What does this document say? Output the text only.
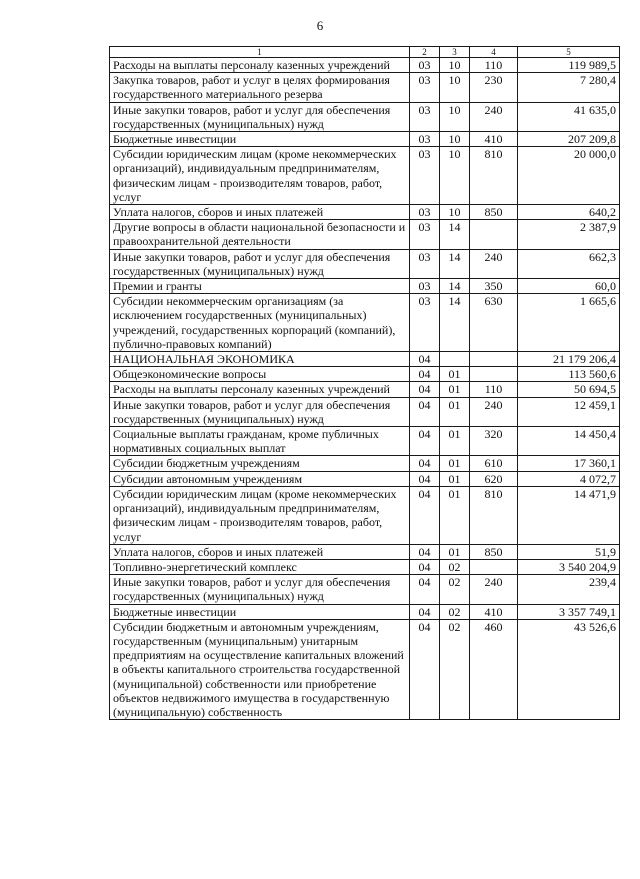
6
1	2	3	4	5
Расходы на выплаты персоналу казенных учреждений	03	10	110	119 989,5
Закупка товаров, работ и услуг в целях формирования государственного материального резерва	03	10	230	7 280,4
Иные закупки товаров, работ и услуг для обеспечения государственных (муниципальных) нужд	03	10	240	41 635,0
Бюджетные инвестиции	03	10	410	207 209,8
Субсидии юридическим лицам (кроме некоммерческих организаций), индивидуальным предпринимателям, физическим лицам - производителям товаров, работ, услуг	03	10	810	20 000,0
Уплата налогов, сборов и иных платежей	03	10	850	640,2
Другие вопросы в области национальной безопасности и правоохранительной деятельности	03	14		2 387,9
Иные закупки товаров, работ и услуг для обеспечения государственных (муниципальных) нужд	03	14	240	662,3
Премии и гранты	03	14	350	60,0
Субсидии некоммерческим организациям (за исключением государственных (муниципальных) учреждений, государственных корпораций (компаний), публично-правовых компаний)	03	14	630	1 665,6
НАЦИОНАЛЬНАЯ ЭКОНОМИКА	04			21 179 206,4
Общеэкономические вопросы	04	01		113 560,6
Расходы на выплаты персоналу казенных учреждений	04	01	110	50 694,5
Иные закупки товаров, работ и услуг для обеспечения государственных (муниципальных) нужд	04	01	240	12 459,1
Социальные выплаты гражданам, кроме публичных нормативных социальных выплат	04	01	320	14 450,4
Субсидии бюджетным учреждениям	04	01	610	17 360,1
Субсидии автономным учреждениям	04	01	620	4 072,7
Субсидии юридическим лицам (кроме некоммерческих организаций), индивидуальным предпринимателям, физическим лицам - производителям товаров, работ, услуг	04	01	810	14 471,9
Уплата налогов, сборов и иных платежей	04	01	850	51,9
Топливно-энергетический комплекс	04	02		3 540 204,9
Иные закупки товаров, работ и услуг для обеспечения государственных (муниципальных) нужд	04	02	240	239,4
Бюджетные инвестиции	04	02	410	3 357 749,1
Субсидии бюджетным и автономным учреждениям, государственным (муниципальным) унитарным предприятиям на осуществление капитальных вложений в объекты капитального строительства государственной (муниципальной) собственности или приобретение объектов недвижимого имущества в государственную (муниципальную) собственность	04	02	460	43 526,6
